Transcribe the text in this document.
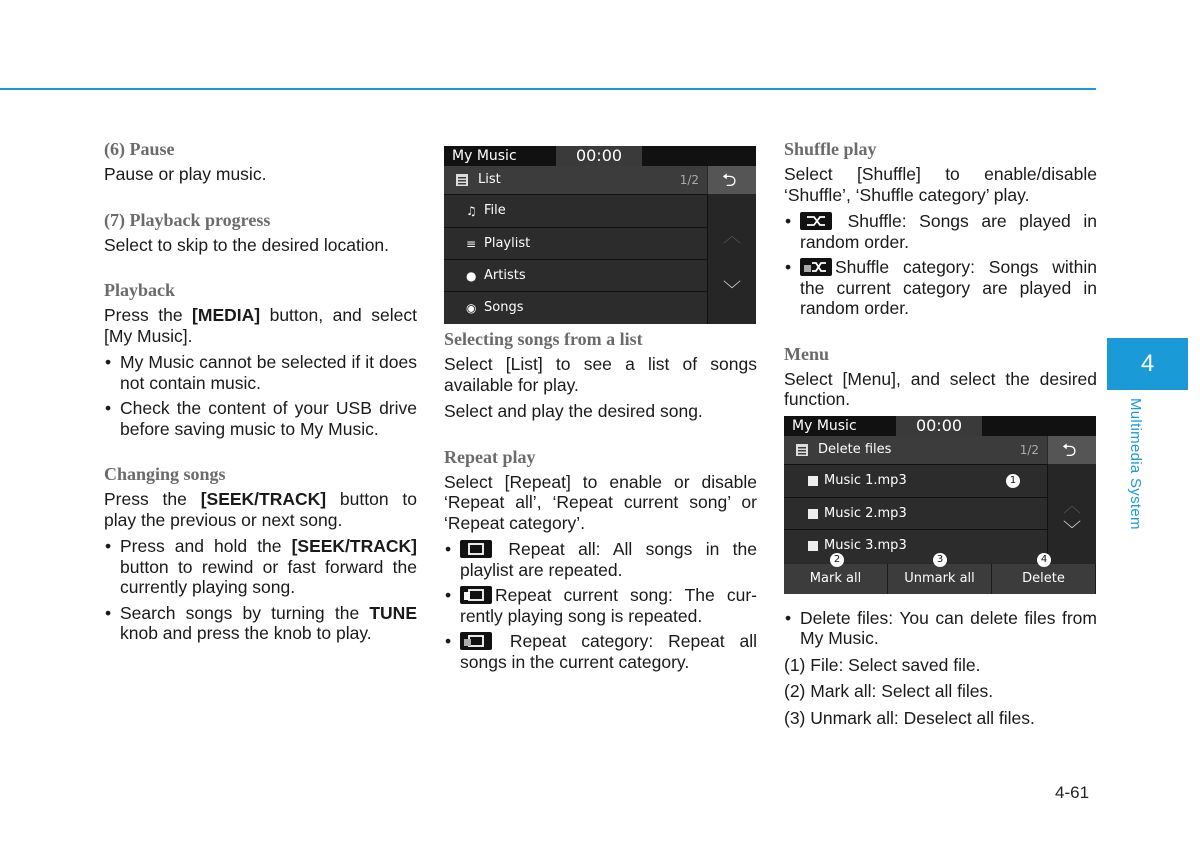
(6) Pause

Pause or play music.

(7) Playback progress

Select to skip to the desired location.

Playback

Press the [MEDIA] button, and select [My Music].

• My Music cannot be selected if it does not contain music.
• Check the content of your USB drive before saving music to My Music.
Changing songs

Press the [SEEK/TRACK] button to play the previous or next song.

• Press and hold the [SEEK/TRACK] button to rewind or fast forward the currently playing song.
• Search songs by turning the TUNE knob and press the knob to play.
My Music	00:00
List	1/2 ⮌
♫ File
≡ Playlist
● Artists
◉ Songs
︿
﹀
Selecting songs from a list

Select [List] to see a list of songs available for play.

Select and play the desired song.

Repeat play

Select [Repeat] to enable or disable ‘Repeat all’, ‘Repeat current song’ or ‘Repeat category’.

• Repeat all: All songs in the playlist are repeated.
• Repeat current song: The cur-rently playing song is repeated.
• Repeat category: Repeat all songs in the current category.
Shuffle play

Select [Shuffle] to enable/disable ‘Shuffle’, ‘Shuffle category’ play.

• Shuffle: Songs are played in random order.
• Shuffle category: Songs within the current category are played in random order.
Menu

Select [Menu], and select the desired function.

My Music	00:00
Delete files	1/2 ⮌
Music 1.mp3	1
Music 2.mp3
Music 3.mp3
︿
﹀
Mark all	Unmark all	Delete
2	3	4
• Delete files: You can delete files from My Music.

(1) File: Select saved file.

(2) Mark all: Select all files.

(3) Unmark all: Deselect all files.

4
Multimedia System
4-61
